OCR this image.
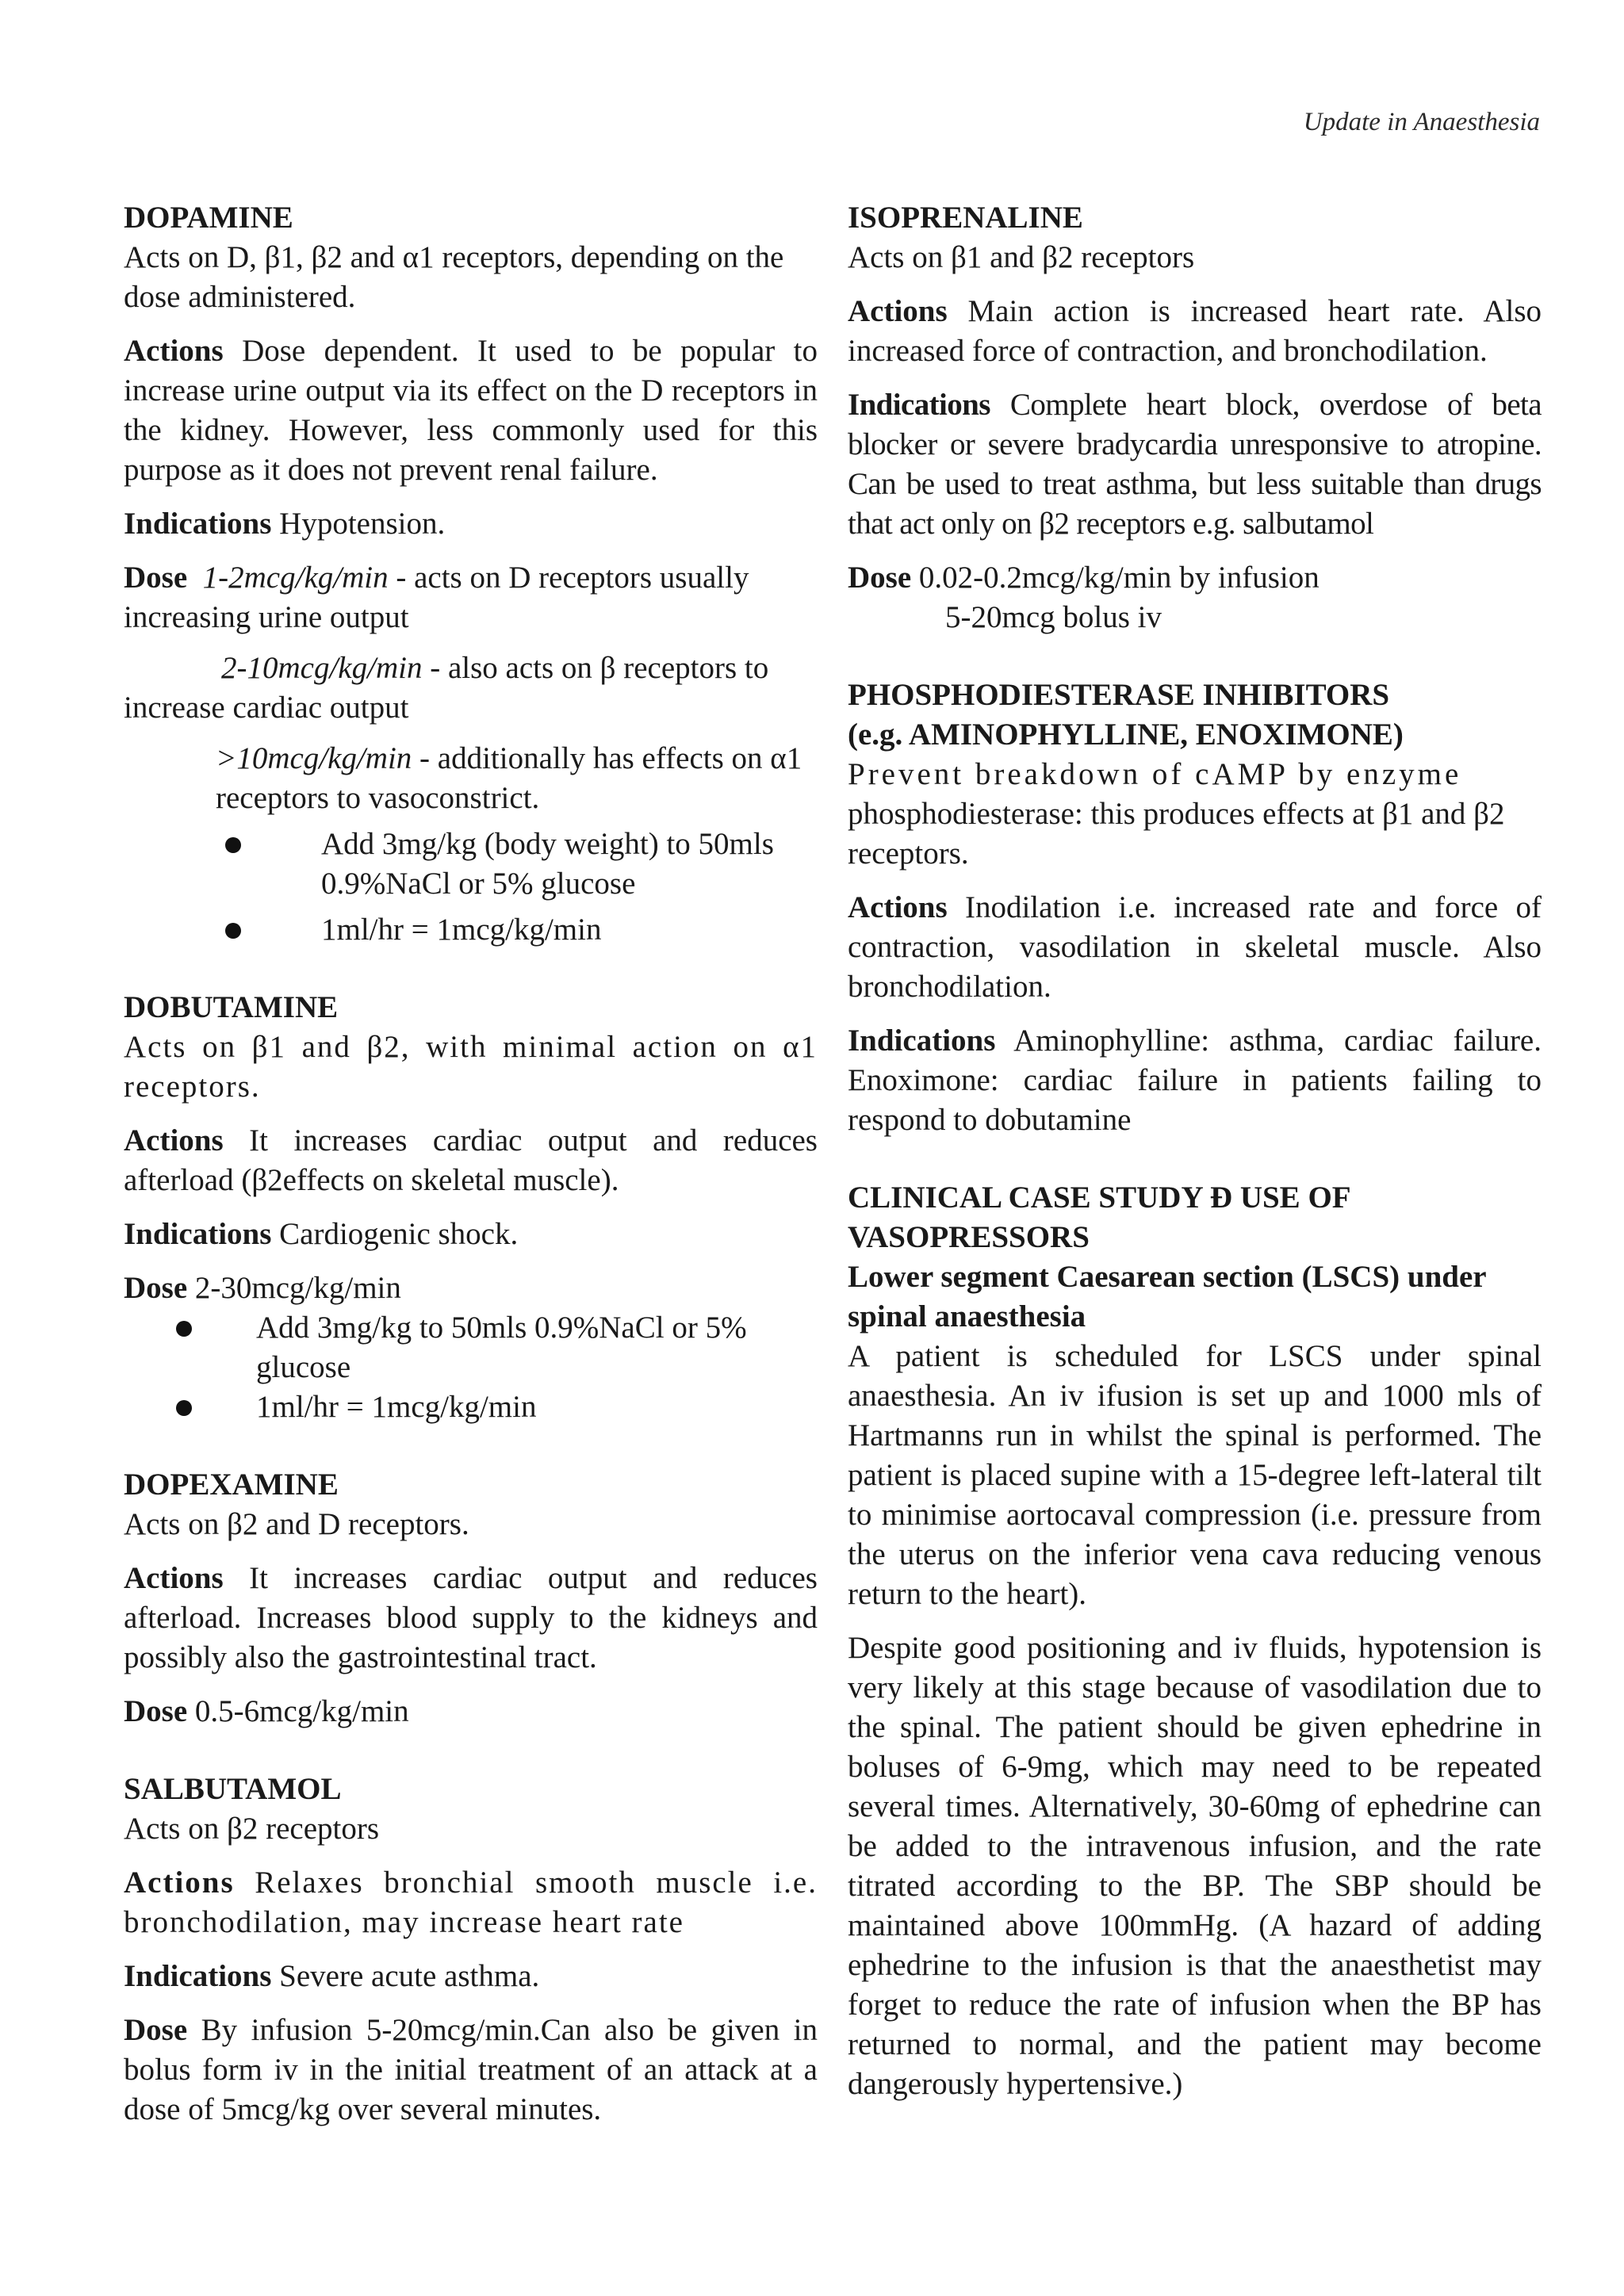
Update in Anaesthesia
DOPAMINE

Acts on D, β1, β2 and α1 receptors, depending on the dose administered.

Actions Dose dependent. It used to be popular to increase urine output via its effect on the D receptors in the kidney. However, less commonly used for this purpose as it does not prevent renal failure.

Indications Hypotension.

Dose 1-2mcg/kg/min - acts on D receptors usually increasing urine output

2-10mcg/kg/min - also acts on β receptors to
increase cardiac output

>10mcg/kg/min - additionally has effects on α1 receptors to vasoconstrict.

Add 3mg/kg (body weight) to 50mls 0.9%NaCl or 5% glucose

1ml/hr = 1mcg/kg/min

DOBUTAMINE

Acts on β1 and β2, with minimal action on α1 receptors.

Actions It increases cardiac output and reduces afterload (β2effects on skeletal muscle).

Indications Cardiogenic shock.

Dose 2-30mcg/kg/min

Add 3mg/kg to 50mls 0.9%NaCl or 5% glucose

1ml/hr = 1mcg/kg/min

DOPEXAMINE

Acts on β2 and D receptors.

Actions It increases cardiac output and reduces afterload. Increases blood supply to the kidneys and possibly also the gastrointestinal tract.

Dose 0.5-6mcg/kg/min

SALBUTAMOL

Acts on β2 receptors

Actions Relaxes bronchial smooth muscle i.e. bronchodilation, may increase heart rate

Indications Severe acute asthma.

Dose By infusion 5-20mcg/min.Can also be given in bolus form iv in the initial treatment of an attack at a dose of 5mcg/kg over several minutes.

ISOPRENALINE

Acts on β1 and β2 receptors

Actions Main action is increased heart rate. Also increased force of contraction, and bronchodilation.

Indications Complete heart block, overdose of beta blocker or severe bradycardia unresponsive to atropine. Can be used to treat asthma, but less suitable than drugs that act only on β2 receptors e.g. salbutamol

Dose 0.02-0.2mcg/kg/min by infusion
5-20mcg bolus iv

PHOSPHODIESTERASE INHIBITORS
(e.g. AMINOPHYLLINE, ENOXIMONE)

Prevent breakdown of cAMP by enzyme
phosphodiesterase: this produces effects at β1 and β2 receptors.

Actions Inodilation i.e. increased rate and force of contraction, vasodilation in skeletal muscle. Also bronchodilation.

Indications Aminophylline: asthma, cardiac failure. Enoximone: cardiac failure in patients failing to respond to dobutamine

CLINICAL CASE STUDY Ð USE OF VASOPRESSORS
Lower segment Caesarean section (LSCS) under spinal anaesthesia

A patient is scheduled for LSCS under spinal anaesthesia. An iv ifusion is set up and 1000 mls of Hartmanns run in whilst the spinal is performed. The patient is placed supine with a 15-degree left-lateral tilt to minimise aortocaval compression (i.e. pressure from the uterus on the inferior vena cava reducing venous return to the heart).

Despite good positioning and iv fluids, hypotension is very likely at this stage because of vasodilation due to the spinal. The patient should be given ephedrine in boluses of 6-9mg, which may need to be repeated several times. Alternatively, 30-60mg of ephedrine can be added to the intravenous infusion, and the rate titrated according to the BP. The SBP should be maintained above 100mmHg. (A hazard of adding ephedrine to the infusion is that the anaesthetist may forget to reduce the rate of infusion when the BP has returned to normal, and the patient may become dangerously hypertensive.)
